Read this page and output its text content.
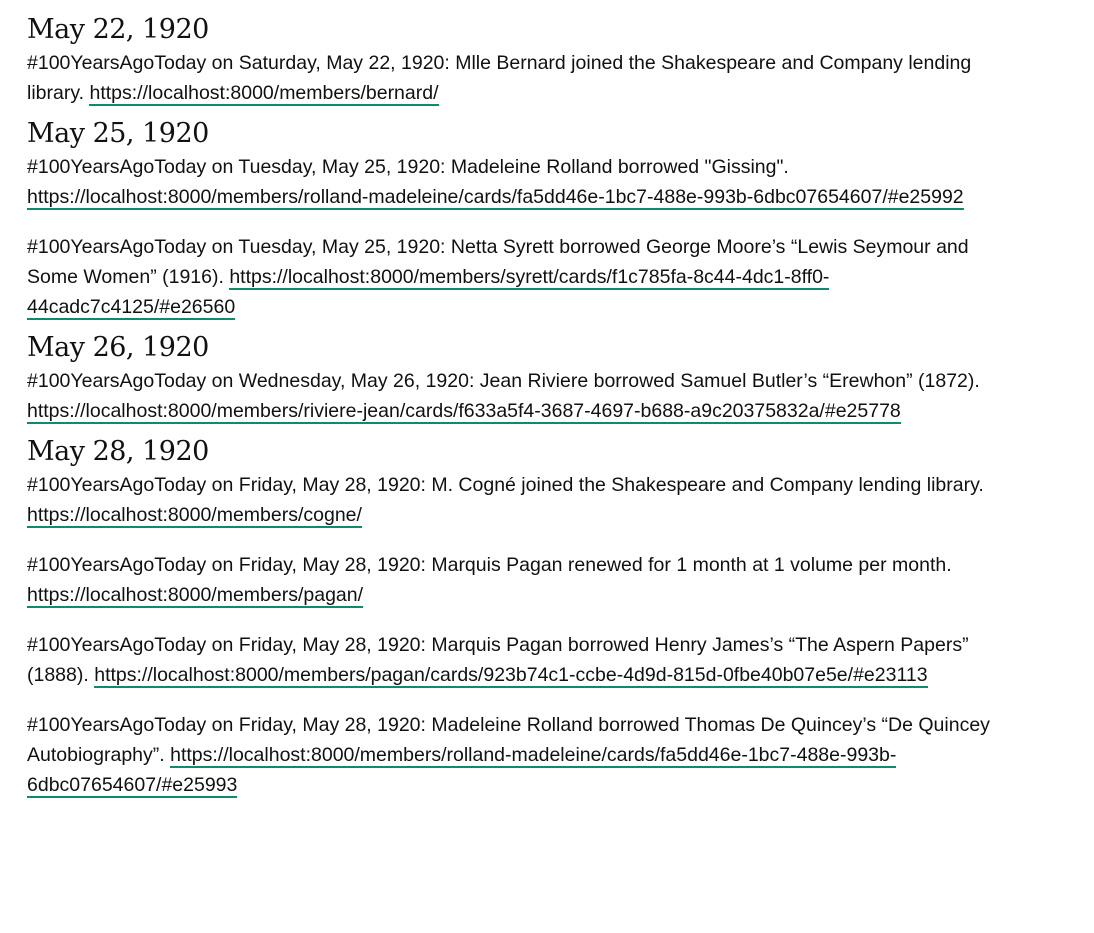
May 22, 1920

#100YearsAgoToday on Saturday, May 22, 1920: Mlle Bernard joined the Shakespeare and Company lending library. https://localhost:8000/members/bernard/

May 25, 1920

#100YearsAgoToday on Tuesday, May 25, 1920: Madeleine Rolland borrowed "Gissing".
https://localhost:8000/members/rolland-madeleine/cards/fa5dd46e-1bc7-488e-993b-6dbc07654607/#e25992

#100YearsAgoToday on Tuesday, May 25, 1920: Netta Syrett borrowed George Moore’s “Lewis Seymour and Some Women” (1916). https://localhost:8000/members/syrett/cards/f1c785fa-8c44-4dc1-8ff0-44cadc7c4125/#e26560

May 26, 1920

#100YearsAgoToday on Wednesday, May 26, 1920: Jean Riviere borrowed Samuel Butler’s “Erewhon” (1872). https://localhost:8000/members/riviere-jean/cards/f633a5f4-3687-4697-b688-a9c20375832a/#e25778

May 28, 1920

#100YearsAgoToday on Friday, May 28, 1920: M. Cogné joined the Shakespeare and Company lending library. https://localhost:8000/members/cogne/

#100YearsAgoToday on Friday, May 28, 1920: Marquis Pagan renewed for 1 month at 1 volume per month. https://localhost:8000/members/pagan/

#100YearsAgoToday on Friday, May 28, 1920: Marquis Pagan borrowed Henry James’s “The Aspern Papers” (1888). https://localhost:8000/members/pagan/cards/923b74c1-ccbe-4d9d-815d-0fbe40b07e5e/#e23113

#100YearsAgoToday on Friday, May 28, 1920: Madeleine Rolland borrowed Thomas De Quincey’s “De Quincey Autobiography”. https://localhost:8000/members/rolland-madeleine/cards/fa5dd46e-1bc7-488e-993b-6dbc07654607/#e25993
